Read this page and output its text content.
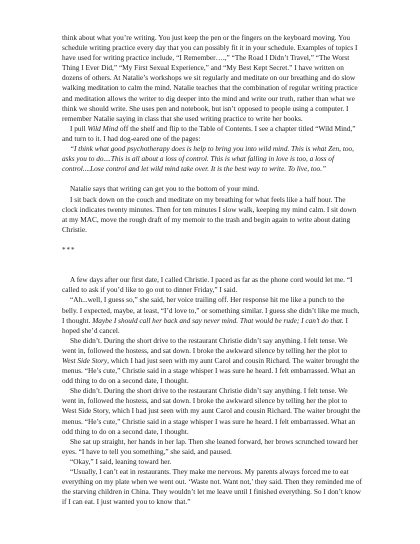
think about what you’re writing. You just keep the pen or the fingers on the keyboard moving. You schedule writing practice every day that you can possibly fit it in your schedule. Examples of topics I have used for writing practice include, “I Remember….,” “The Road I Didn’t Travel,” “The Worst Thing I Ever Did,” “My First Sexual Experience,” and “My Best Kept Secret.” I have written on dozens of others. At Natalie’s workshops we sit regularly and meditate on our breathing and do slow walking meditation to calm the mind. Natalie teaches that the combination of regular writing practice and meditation allows the writer to dig deeper into the mind and write our truth, rather than what we think we should write. She uses pen and notebook, but isn’t opposed to people using a computer. I remember Natalie saying in class that she used writing practice to write her books.

I pull Wild Mind off the shelf and flip to the Table of Contents. I see a chapter titled “Wild Mind,” and turn to it. I had dog-eared one of the pages:

“I think what good psychotherapy does is help to bring you into wild mind. This is what Zen, too, asks you to do....This is all about a loss of control. This is what falling in love is too, a loss of control....Lose control and let wild mind take over. It is the best way to write. To live, too.”

Natalie says that writing can get you to the bottom of your mind.

I sit back down on the couch and meditate on my breathing for what feels like a half hour. The clock indicates twenty minutes. Then for ten minutes I slow walk, keeping my mind calm. I sit down at my MAC, move the rough draft of my memoir to the trash and begin again to write about dating Christie.

***

A few days after our first date, I called Christie. I paced as far as the phone cord would let me. “I called to ask if you’d like to go out to dinner Friday,” I said.

“Ah...well, I guess so,” she said, her voice trailing off. Her response hit me like a punch to the belly. I expected, maybe, at least, “I’d love to,” or something similar. I guess she didn’t like me much, I thought. Maybe I should call her back and say never mind. That would be rude; I can’t do that. I hoped she’d cancel.

She didn’t. During the short drive to the restaurant Christie didn’t say anything. I felt tense. We went in, followed the hostess, and sat down. I broke the awkward silence by telling her the plot to West Side Story, which I had just seen with my aunt Carol and cousin Richard. The waiter brought the menus. “He’s cute,” Christie said in a stage whisper I was sure he heard. I felt embarrassed. What an odd thing to do on a second date, I thought.

She didn’t. During the short drive to the restaurant Christie didn’t say anything. I felt tense. We went in, followed the hostess, and sat down. I broke the awkward silence by telling her the plot to West Side Story, which I had just seen with my aunt Carol and cousin Richard. The waiter brought the menus. “He’s cute,” Christie said in a stage whisper I was sure he heard. I felt embarrassed. What an odd thing to do on a second date, I thought.

She sat up straight, her hands in her lap. Then she leaned forward, her brows scrunched toward her eyes. “I have to tell you something,” she said, and paused.

“Okay,” I said, leaning toward her.

“Usually, I can’t eat in restaurants. They make me nervous. My parents always forced me to eat everything on my plate when we went out. ‘Waste not. Want not,’ they said. Then they reminded me of the starving children in China. They wouldn’t let me leave until I finished everything. So I don’t know if I can eat. I just wanted you to know that.”
